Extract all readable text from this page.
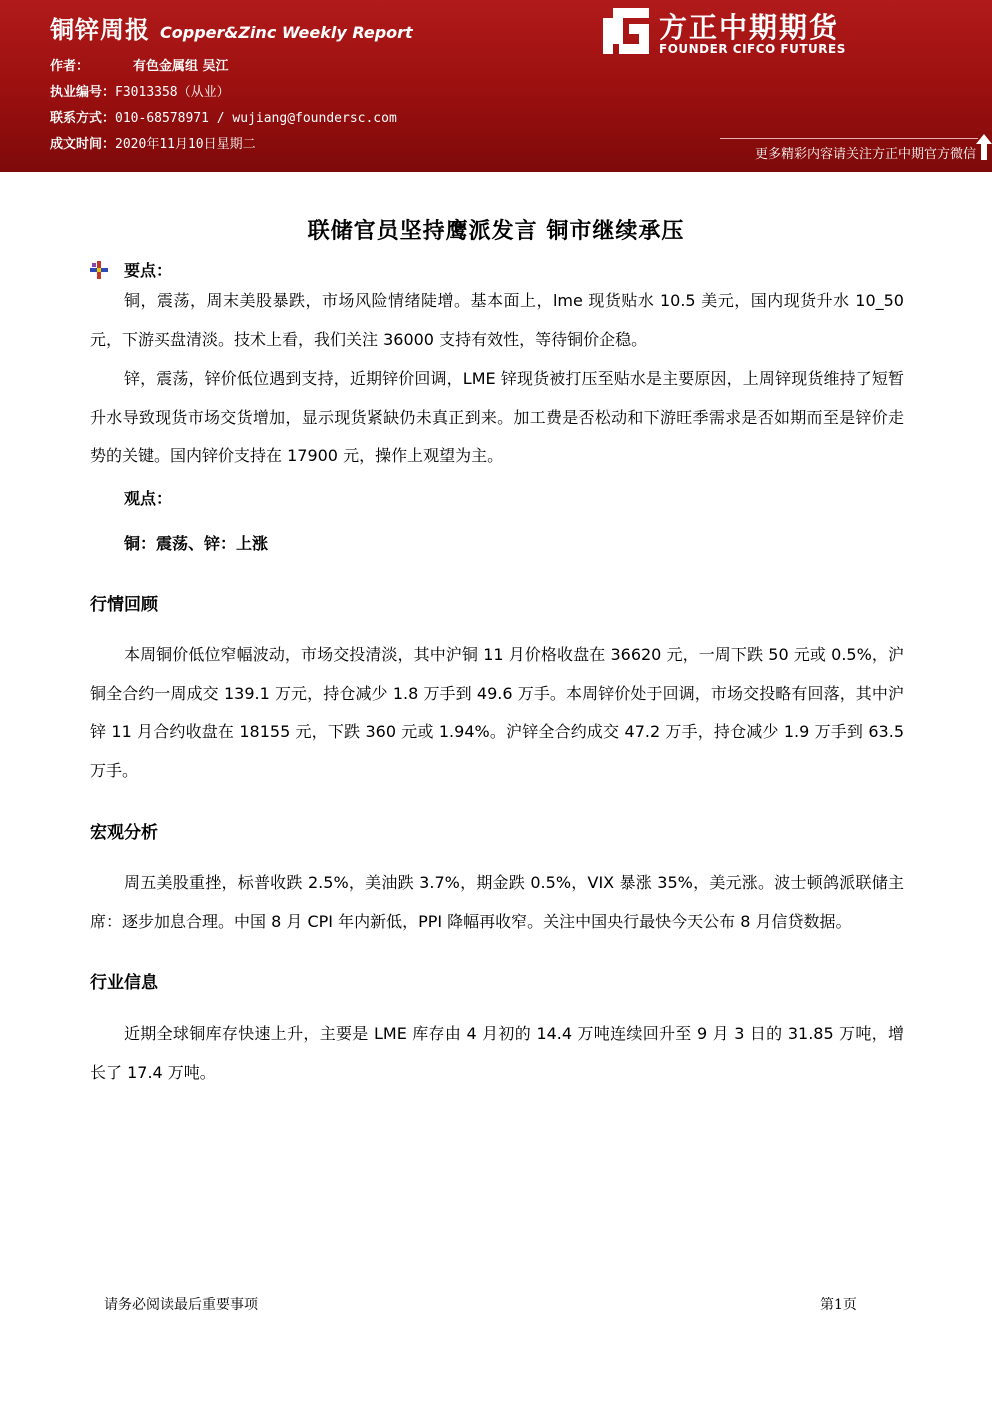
铜锌周报 Copper&Zinc Weekly Report
作者：	有色金属组 吴江
执业编号：F3013358（从业）
联系方式：010-68578971 / wujiang@foundersc.com
成文时间：2020年11月10日星期二
方正中期期货
FOUNDER CIFCO FUTURES
更多精彩内容请关注方正中期官方微信
联储官员坚持鹰派发言 铜市继续承压
要点：

铜，震荡，周末美股暴跌，市场风险情绪陡增。基本面上，lme 现货贴水 10.5 美元，国内现货升水 10_50 元，下游买盘清淡。技术上看，我们关注 36000 支持有效性，等待铜价企稳。

锌，震荡，锌价低位遇到支持，近期锌价回调，LME 锌现货被打压至贴水是主要原因，上周锌现货维持了短暂升水导致现货市场交货增加，显示现货紧缺仍未真正到来。加工费是否松动和下游旺季需求是否如期而至是锌价走势的关键。国内锌价支持在 17900 元，操作上观望为主。

观点：
铜：震荡、锌：上涨
行情回顾

本周铜价低位窄幅波动，市场交投清淡，其中沪铜 11 月价格收盘在 36620 元，一周下跌 50 元或 0.5%，沪铜全合约一周成交 139.1 万元，持仓减少 1.8 万手到 49.6 万手。本周锌价处于回调，市场交投略有回落，其中沪锌 11 月合约收盘在 18155 元，下跌 360 元或 1.94%。沪锌全合约成交 47.2 万手，持仓减少 1.9 万手到 63.5 万手。

宏观分析

周五美股重挫，标普收跌 2.5%，美油跌 3.7%，期金跌 0.5%，VIX 暴涨 35%，美元涨。波士顿鸽派联储主席：逐步加息合理。中国 8 月 CPI 年内新低，PPI 降幅再收窄。关注中国央行最快今天公布 8 月信贷数据。

行业信息

近期全球铜库存快速上升，主要是 LME 库存由 4 月初的 14.4 万吨连续回升至 9 月 3 日的 31.85 万吨，增长了 17.4 万吨。

请务必阅读最后重要事项	第1页
